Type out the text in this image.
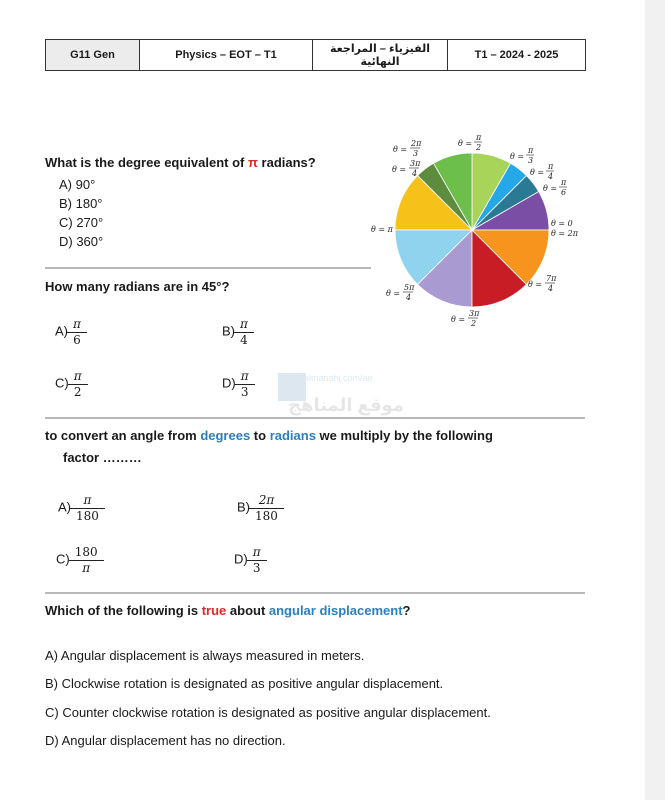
G11 Gen	Physics – EOT – T1	الفيزياء – المراجعة النهائية	T1 – 2024 - 2025
What is the degree equivalent of π radians?
A) 90°
B) 180°
C) 270°
D) 360°
How many radians are in 45°?
$A) \frac{\pi}{6}$	$B) \frac{\pi}{4}$
$C) \frac{\pi}{2}$	$D) \frac{\pi}{3}$	almanahj.com/ae
موقع المناهج
to convert an angle from degrees to radians we multiply by the following
factor ………
$A) \frac{\pi}{180}$	$B) \frac{2\pi}{180}$
$C) \frac{180}{\pi}$	$D) \frac{\pi}{3}$
Which of the following is true about angular displacement?
A) Angular displacement is always measured in meters.
B) Clockwise rotation is designated as positive angular displacement.
C) Counter clockwise rotation is designated as positive angular displacement.
D) Angular displacement has no direction.
θ =
2π
3
θ =
π
2
θ =
3π
4
θ =
π
3
θ =
π
4
θ =
π
6
θ = 0
θ = 2π
θ = π
θ =
7π
4
θ =
5π
4
θ =
3π
2
